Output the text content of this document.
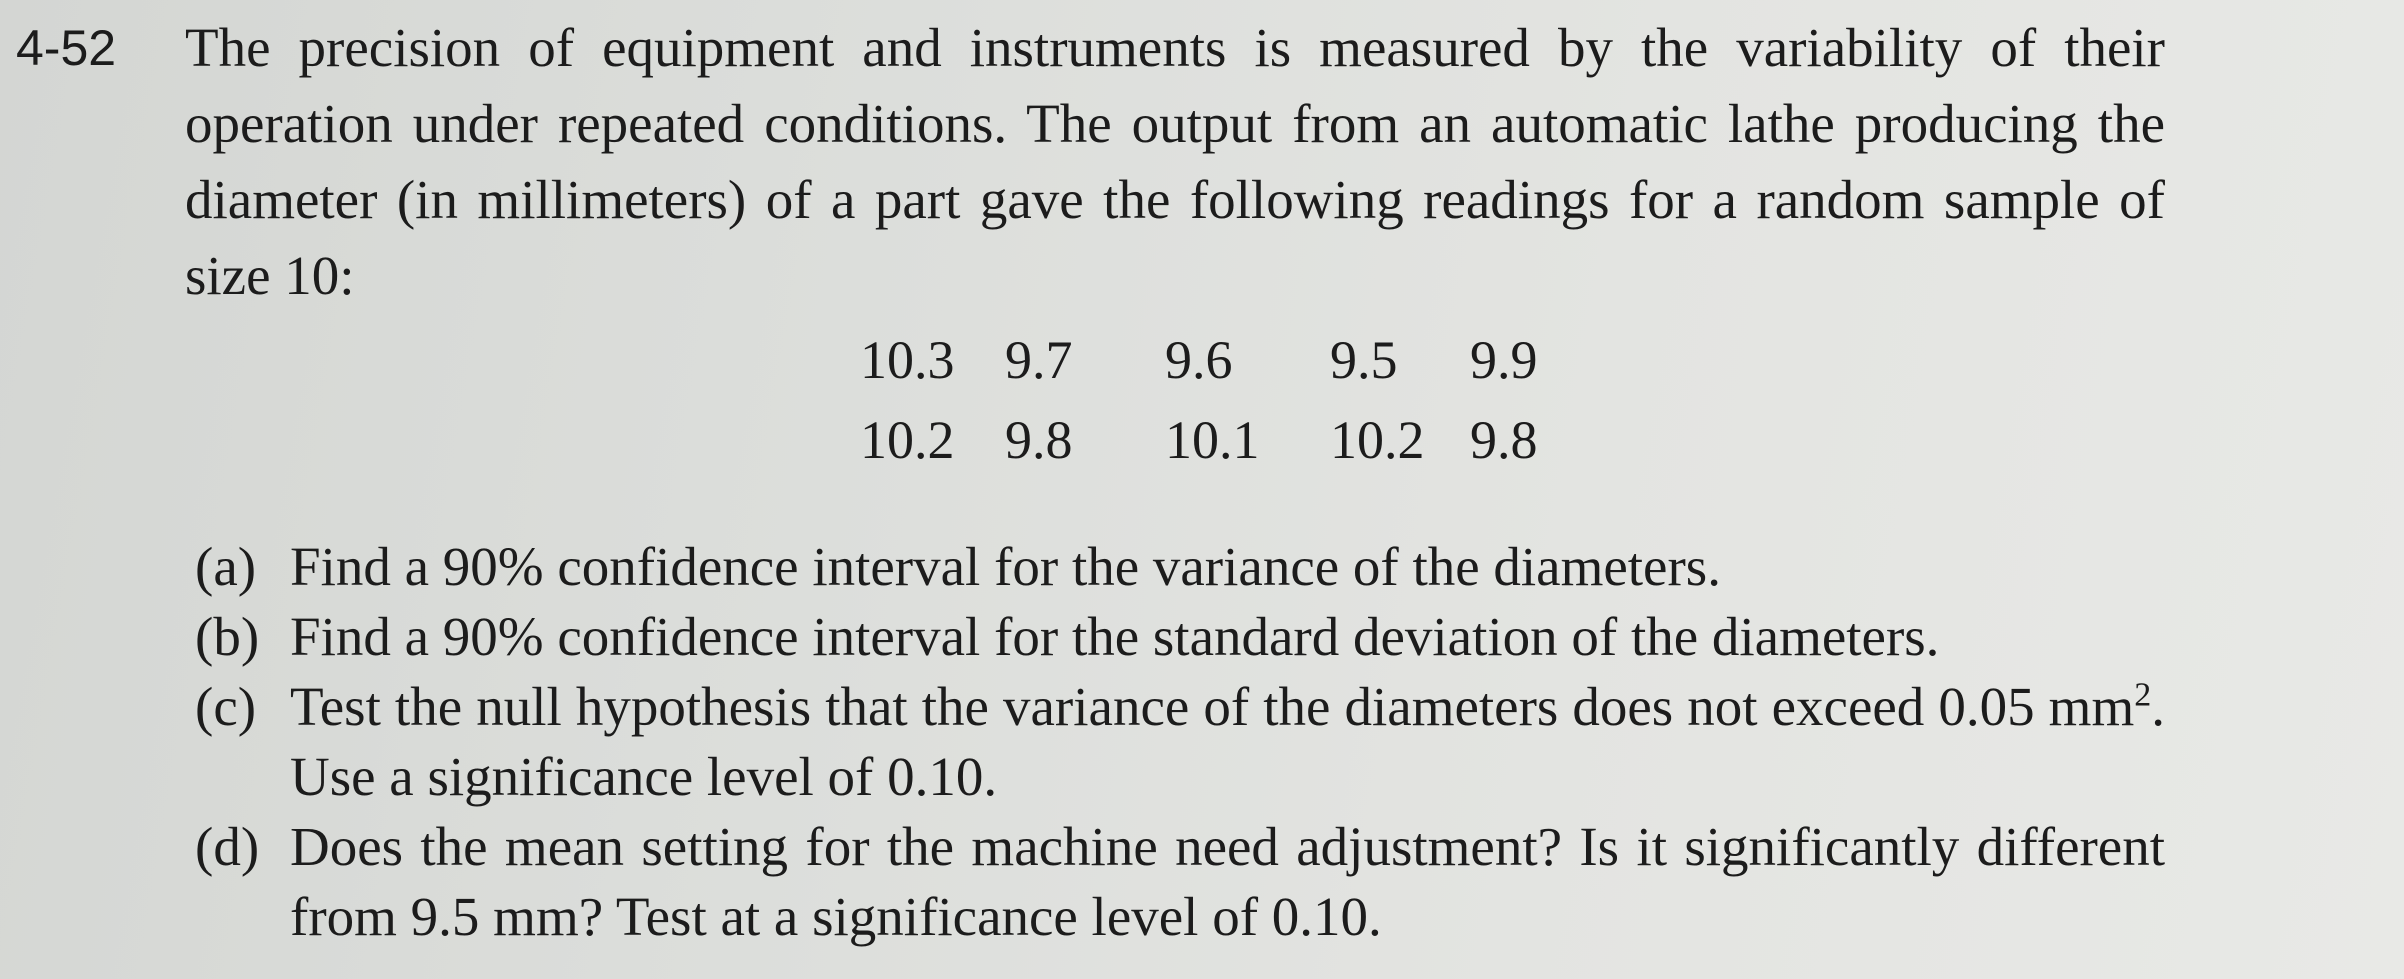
4-52 The precision of equipment and instruments is measured by the variability of their operation under repeated conditions. The output from an automatic lathe producing the diameter (in millimeters) of a part gave the following readings for a random sample of size 10:
10.3	9.7	9.6	9.5	9.9
10.2	9.8	10.1	10.2	9.8
(a) Find a 90% confidence interval for the variance of the diameters.
(b) Find a 90% confidence interval for the standard deviation of the diameters.
(c) Test the null hypothesis that the variance of the diameters does not exceed 0.05 $mm^2$. Use a significance level of 0.10.
(d) Does the mean setting for the machine need adjustment? Is it significantly different from 9.5 mm? Test at a significance level of 0.10.
